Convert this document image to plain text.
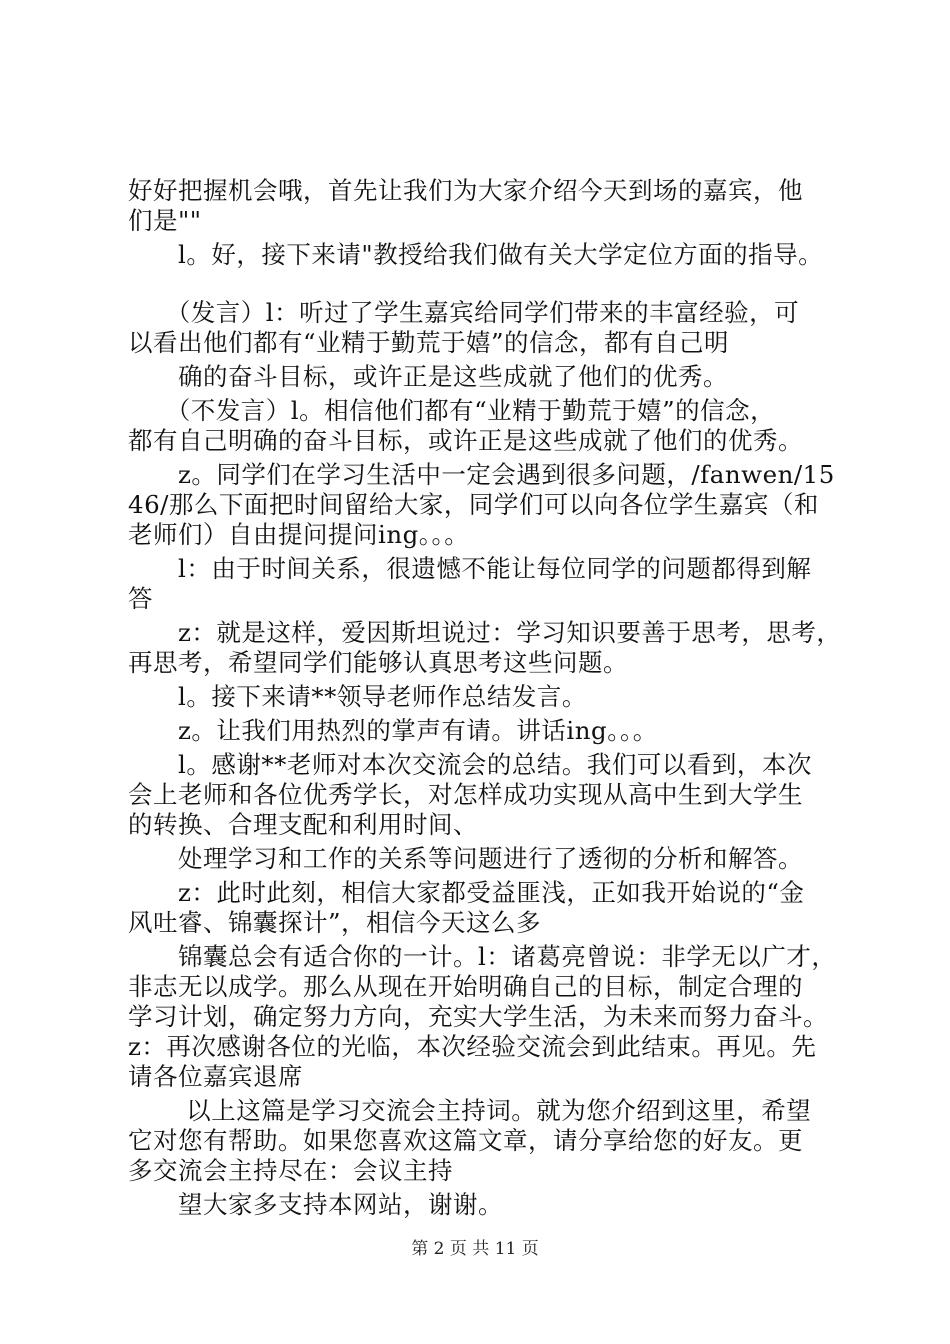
好好把握机会哦，首先让我们为大家介绍今天到场的嘉宾，他
们是""
　　l。好，接下来请"教授给我们做有关大学定位方面的指导。
　　（发言）l：听过了学生嘉宾给同学们带来的丰富经验，可
以看出他们都有“业精于勤荒于嬉”的信念，都有自己明
　　确的奋斗目标，或许正是这些成就了他们的优秀。
　　（不发言）l。相信他们都有“业精于勤荒于嬉”的信念，
都有自己明确的奋斗目标，或许正是这些成就了他们的优秀。
　　z。同学们在学习生活中一定会遇到很多问题，/fanwen/15
46/那么下面把时间留给大家，同学们可以向各位学生嘉宾（和
老师们）自由提问提问ing。。。
　　l：由于时间关系，很遗憾不能让每位同学的问题都得到解
答
　　z：就是这样，爱因斯坦说过：学习知识要善于思考，思考，
再思考，希望同学们能够认真思考这些问题。
　　l。接下来请**领导老师作总结发言。
　　z。让我们用热烈的掌声有请。讲话ing。。。
　　l。感谢**老师对本次交流会的总结。我们可以看到，本次
会上老师和各位优秀学长，对怎样成功实现从高中生到大学生
的转换、合理支配和利用时间、
　　处理学习和工作的关系等问题进行了透彻的分析和解答。
　　z：此时此刻，相信大家都受益匪浅，正如我开始说的“金
风吐睿、锦囊探计”，相信今天这么多
　　锦囊总会有适合你的一计。l：诸葛亮曾说：非学无以广才，
非志无以成学。那么从现在开始明确自己的目标，制定合理的
学习计划，确定努力方向，充实大学生活，为未来而努力奋斗。
z：再次感谢各位的光临，本次经验交流会到此结束。再见。先
请各位嘉宾退席
　　 以上这篇是学习交流会主持词。就为您介绍到这里，希望
它对您有帮助。如果您喜欢这篇文章，请分享给您的好友。更
多交流会主持尽在：会议主持
　　望大家多支持本网站，谢谢。
第 2 页 共 11 页
